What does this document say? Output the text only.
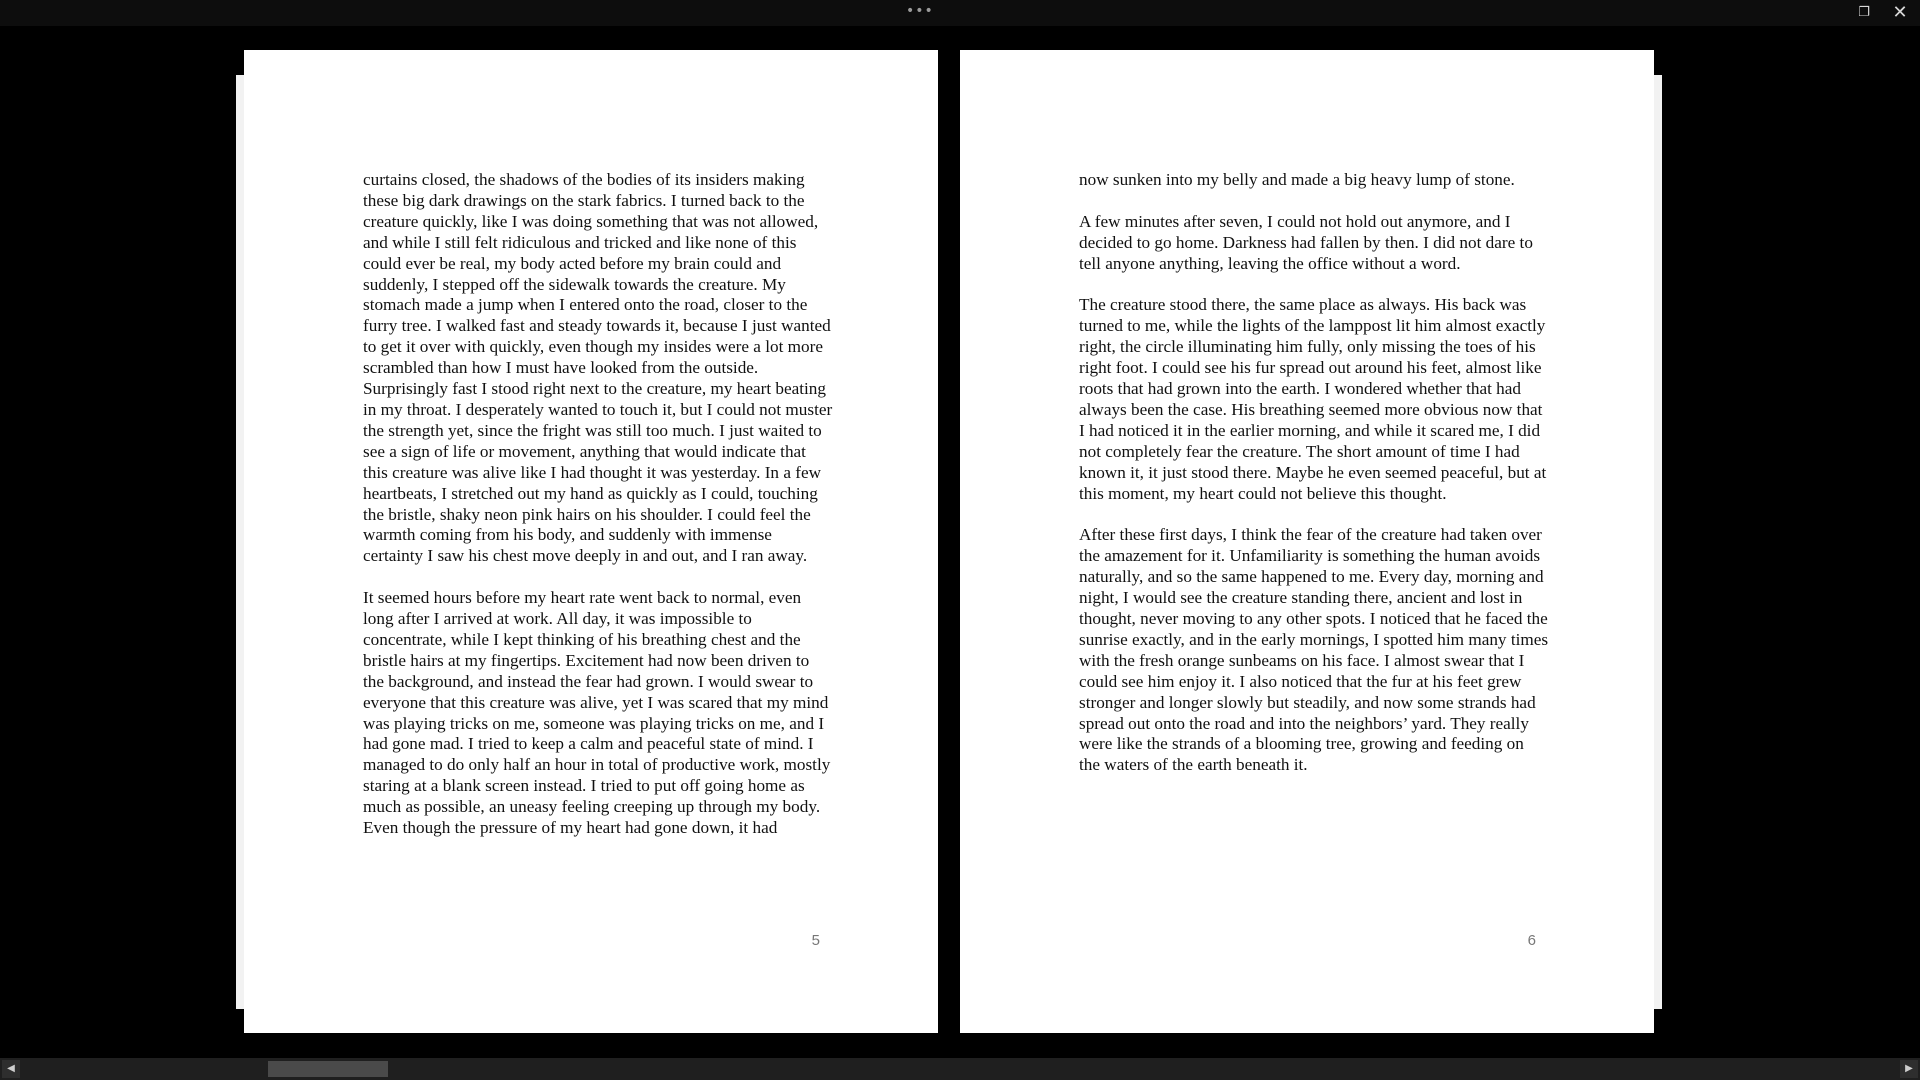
•••	❐ ✕

curtains closed, the shadows of the bodies of its insiders making these big dark drawings on the stark fabrics. I turned back to the creature quickly, like I was doing something that was not allowed, and while I still felt ridiculous and tricked and like none of this could ever be real, my body acted before my brain could and suddenly, I stepped off the sidewalk towards the creature. My stomach made a jump when I entered onto the road, closer to the furry tree. I walked fast and steady towards it, because I just wanted to get it over with quickly, even though my insides were a lot more scrambled than how I must have looked from the outside. Surprisingly fast I stood right next to the creature, my heart beating in my throat. I desperately wanted to touch it, but I could not muster the strength yet, since the fright was still too much. I just waited to see a sign of life or movement, anything that would indicate that this creature was alive like I had thought it was yesterday. In a few heartbeats, I stretched out my hand as quickly as I could, touching the bristle, shaky neon pink hairs on his shoulder. I could feel the warmth coming from his body, and suddenly with immense certainty I saw his chest move deeply in and out, and I ran away.

It seemed hours before my heart rate went back to normal, even long after I arrived at work. All day, it was impossible to concentrate, while I kept thinking of his breathing chest and the bristle hairs at my fingertips. Excitement had now been driven to the background, and instead the fear had grown. I would swear to everyone that this creature was alive, yet I was scared that my mind was playing tricks on me, someone was playing tricks on me, and I had gone mad. I tried to keep a calm and peaceful state of mind. I managed to do only half an hour in total of productive work, mostly staring at a blank screen instead. I tried to put off going home as much as possible, an uneasy feeling creeping up through my body. Even though the pressure of my heart had gone down, it had

5

now sunken into my belly and made a big heavy lump of stone.

A few minutes after seven, I could not hold out anymore, and I decided to go home. Darkness had fallen by then. I did not dare to tell anyone anything, leaving the office without a word.

The creature stood there, the same place as always. His back was turned to me, while the lights of the lamppost lit him almost exactly right, the circle illuminating him fully, only missing the toes of his right foot. I could see his fur spread out around his feet, almost like roots that had grown into the earth. I wondered whether that had always been the case. His breathing seemed more obvious now that I had noticed it in the earlier morning, and while it scared me, I did not completely fear the creature. The short amount of time I had known it, it just stood there. Maybe he even seemed peaceful, but at this moment, my heart could not believe this thought.

After these first days, I think the fear of the creature had taken over the amazement for it. Unfamiliarity is something the human avoids naturally, and so the same happened to me. Every day, morning and night, I would see the creature standing there, ancient and lost in thought, never moving to any other spots. I noticed that he faced the sunrise exactly, and in the early mornings, I spotted him many times with the fresh orange sunbeams on his face. I almost swear that I could see him enjoy it. I also noticed that the fur at his feet grew stronger and longer slowly but steadily, and now some strands had spread out onto the road and into the neighbors’ yard. They really were like the strands of a blooming tree, growing and feeding on the waters of the earth beneath it.

6
◀	▶
